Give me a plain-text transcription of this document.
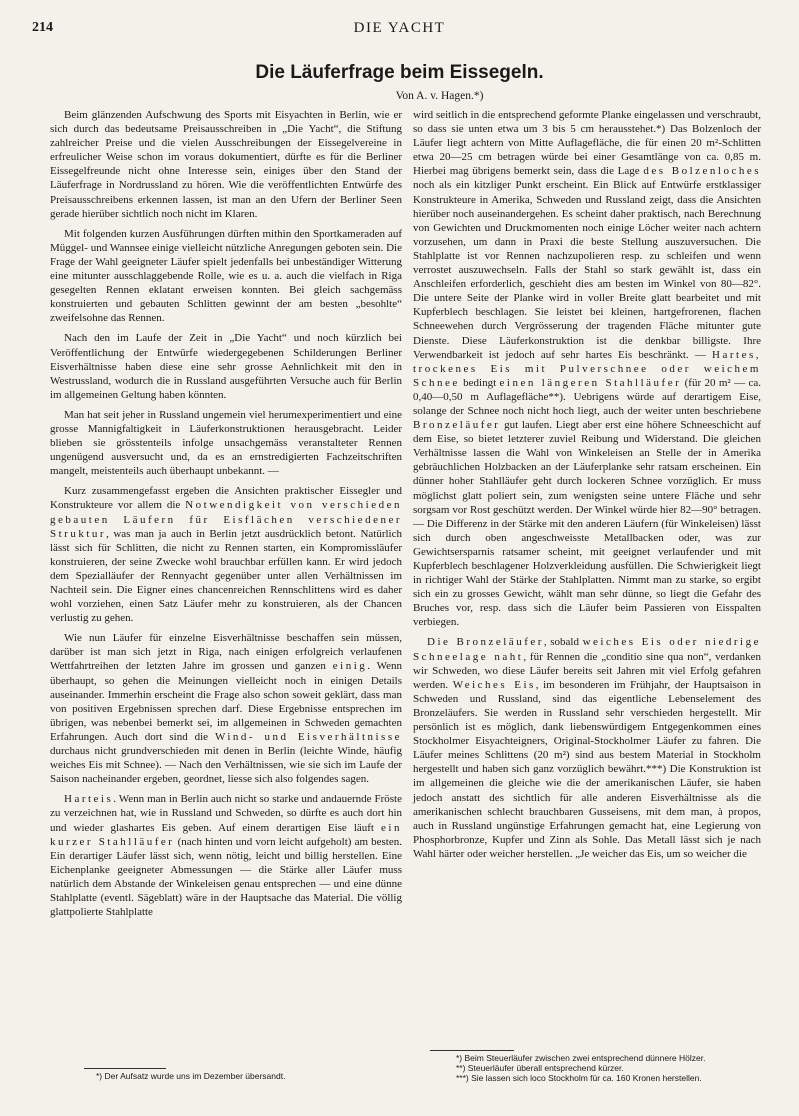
214	DIE YACHT
Die Läuferfrage beim Eissegeln.
Von A. v. Hagen.*)

Beim glänzenden Aufschwung des Sports mit Eisyachten in Berlin, wie er sich durch das bedeutsame Preisausschreiben in „Die Yacht“, die Stiftung zahlreicher Preise und die vielen Ausschreibungen der Eissegelvereine in erfreulicher Weise schon im voraus dokumentiert, dürfte es für die Berliner Eissegelfreunde nicht ohne Interesse sein, einiges über den Stand der Läuferfrage in Nordrussland zu hören. Wie die veröffentlichten Entwürfe des Preisausschreibens erkennen lassen, ist man an den Ufern der Berliner Seen gerade hierüber sichtlich noch nicht im Klaren.

Mit folgenden kurzen Ausführungen dürften mithin den Sportkameraden auf Müggel- und Wannsee einige vielleicht nützliche Anregungen geboten sein. Die Frage der Wahl geeigneter Läufer spielt jedenfalls bei unbeständiger Witterung eine mitunter ausschlaggebende Rolle, wie es u. a. auch die vielfach in Riga gesegelten Rennen eklatant erweisen konnten. Bei gleich sachgemäss konstruierten und gebauten Schlitten gewinnt der am besten „besohlte“ zweifelsohne das Rennen.

Nach den im Laufe der Zeit in „Die Yacht“ und noch kürzlich bei Veröffentlichung der Entwürfe wiedergegebenen Schilderungen Berliner Eisverhältnisse haben diese eine sehr grosse Aehnlichkeit mit den in Westrussland, wodurch die in Russland ausgeführten Versuche auch für Berlin im allgemeinen Geltung haben könnten.

Man hat seit jeher in Russland ungemein viel herumexperimentiert und eine grosse Mannigfaltigkeit in Läuferkonstruktionen herausgebracht. Leider blieben sie grösstenteils infolge unsachgemäss veranstalteter Rennen ungenügend ausversucht und, da es an ernstredigierten Fachzeitschriften mangelt, meistenteils auch überhaupt unbekannt. —

Kurz zusammengefasst ergeben die Ansichten praktischer Eissegler und Konstrukteure vor allem die Notwendigkeit von verschieden gebauten Läufern für Eisflächen verschiedener Struktur, was man ja auch in Berlin jetzt ausdrücklich betont. Natürlich lässt sich für Schlitten, die nicht zu Rennen starten, ein Kompromissläufer konstruieren, der seine Zwecke wohl brauchbar erfüllen kann. Er wird jedoch dem Spezialläufer der Rennyacht gegenüber unter allen Verhältnissen im Nachteil sein. Die Eigner eines chancenreichen Rennschlittens wird es daher wohl vorziehen, einen Satz Läufer mehr zu konstruieren, als der Chancen verlustig zu gehen.

Wie nun Läufer für einzelne Eisverhältnisse beschaffen sein müssen, darüber ist man sich jetzt in Riga, nach einigen erfolgreich verlaufenen Wettfahrtreihen der letzten Jahre im grossen und ganzen einig. Wenn überhaupt, so gehen die Meinungen vielleicht noch in einigen Details auseinander. Immerhin erscheint die Frage also schon soweit geklärt, dass man von positiven Ergebnissen sprechen darf. Diese Ergebnisse entsprechen im übrigen, was nebenbei bemerkt sei, im allgemeinen in Schweden gemachten Erfahrungen. Auch dort sind die Wind- und Eisverhältnisse durchaus nicht grundverschieden mit denen in Berlin (leichte Winde, häufig weiches Eis mit Schnee). — Nach den Verhältnissen, wie sie sich im Laufe der Saison nacheinander ergeben, geordnet, liesse sich also folgendes sagen.

Harteis. Wenn man in Berlin auch nicht so starke und andauernde Fröste zu verzeichnen hat, wie in Russland und Schweden, so dürfte es auch dort hin und wieder glashartes Eis geben. Auf einem derartigen Eise läuft ein kurzer Stahlläufer (nach hinten und vorn leicht aufgeholt) am besten. Ein derartiger Läufer lässt sich, wenn nötig, leicht und billig herstellen. Eine Eichenplanke geeigneter Abmessungen — die Stärke aller Läufer muss natürlich dem Abstande der Winkeleisen genau entsprechen — und eine dünne Stahlplatte (eventl. Sägeblatt) wäre in der Hauptsache das Material. Die völlig glattpolierte Stahlplatte

wird seitlich in die entsprechend geformte Planke eingelassen und verschraubt, so dass sie unten etwa um 3 bis 5 cm herausstehet.*) Das Bolzenloch der Läufer liegt achtern von Mitte Auflagefläche, die für einen 20 m²-Schlitten etwa 20—25 cm betragen würde bei einer Gesamtlänge von ca. 0,85 m. Hierbei mag übrigens bemerkt sein, dass die Lage des Bolzenloches noch als ein kitzliger Punkt erscheint. Ein Blick auf Entwürfe erstklassiger Konstrukteure in Amerika, Schweden und Russland zeigt, dass die Ansichten hierüber noch auseinandergehen. Es scheint daher praktisch, nach Berechnung von Gewichten und Druckmomenten noch einige Löcher weiter nach achtern vorzusehen, um dann in Praxi die beste Stellung auszuversuchen. Die Stahlplatte ist vor Rennen nachzupolieren resp. zu schleifen und wenn verrostet auszuwechseln. Falls der Stahl so stark gewählt ist, dass ein Anschleifen erforderlich, geschieht dies am besten im Winkel von 80—82°. Die untere Seite der Planke wird in voller Breite glatt bearbeitet und mit Kupferblech beschlagen. Sie leistet bei kleinen, hartgefrorenen, flachen Schneewehen durch Vergrösserung der tragenden Fläche mitunter gute Dienste. Diese Läuferkonstruktion ist die denkbar billigste. Ihre Verwendbarkeit ist jedoch auf sehr hartes Eis beschränkt. — Hartes, trockenes Eis mit Pulverschnee oder weichem Schnee bedingt einen längeren Stahlläufer (für 20 m² — ca. 0,40—0,50 m Auflagefläche**). Uebrigens würde auf derartigem Eise, solange der Schnee noch nicht hoch liegt, auch der weiter unten beschriebene Bronzeläufer gut laufen. Liegt aber erst eine höhere Schneeschicht auf dem Eise, so bietet letzterer zuviel Reibung und Widerstand. Die gleichen Verhältnisse lassen die Wahl von Winkeleisen an Stelle der in Amerika gebräuchlichen Holzbacken an der Läuferplanke sehr ratsam erscheinen. Ein dünner hoher Stahlläufer geht durch lockeren Schnee vorzüglich. Er muss möglichst glatt poliert sein, zum wenigsten seine untere Fläche und sehr sorgsam vor Rost geschützt werden. Der Winkel würde hier 82—90° betragen. — Die Differenz in der Stärke mit den anderen Läufern (für Winkeleisen) lässt sich durch oben angeschweisste Metallbacken oder, was zur Gewichtsersparnis ratsamer scheint, mit geeignet verlaufender und mit Kupferblech beschlagener Holzverkleidung ausfüllen. Die Schwierigkeit liegt in richtiger Wahl der Stärke der Stahlplatten. Nimmt man zu starke, so ergibt sich ein zu grosses Gewicht, wählt man sehr dünne, so liegt die Gefahr des Bruches vor, resp. dass sich die Läufer beim Passieren von Eisspalten verbiegen.

Die Bronzeläufer, sobald weiches Eis oder niedrige Schneelage naht, für Rennen die „conditio sine qua non“, verdanken wir Schweden, wo diese Läufer bereits seit Jahren mit viel Erfolg gefahren werden. Weiches Eis, im besonderen im Frühjahr, der Hauptsaison in Schweden und Russland, sind das eigentliche Lebenselement des Bronzeläufers. Sie werden in Russland sehr verschieden hergestellt. Mir persönlich ist es möglich, dank liebenswürdigem Entgegenkommen eines Stockholmer Eisyachteigners, Original-Stockholmer Läufer zu fahren. Die Läufer meines Schlittens (20 m²) sind aus bestem Material in Stockholm hergestellt und haben sich ganz vorzüglich bewährt.***) Die Konstruktion ist im allgemeinen die gleiche wie die der amerikanischen Läufer, sie haben jedoch anstatt des sichtlich für alle anderen Eisverhältnisse als die amerikanischen schlecht brauchbaren Gusseisens, mit dem man, à propos, auch in Russland ungünstige Erfahrungen gemacht hat, eine Legierung von Phosphorbronze, Kupfer und Zinn als Sohle. Das Metall lässt sich je nach Wahl härter oder weicher herstellen. „Je weicher das Eis, um so weicher die

*) Der Aufsatz wurde uns im Dezember übersandt.
*) Beim Steuerläufer zwischen zwei entsprechend dünnere Hölzer.
**) Steuerläufer überall entsprechend kürzer.
***) Sie lassen sich loco Stockholm für ca. 160 Kronen herstellen.
